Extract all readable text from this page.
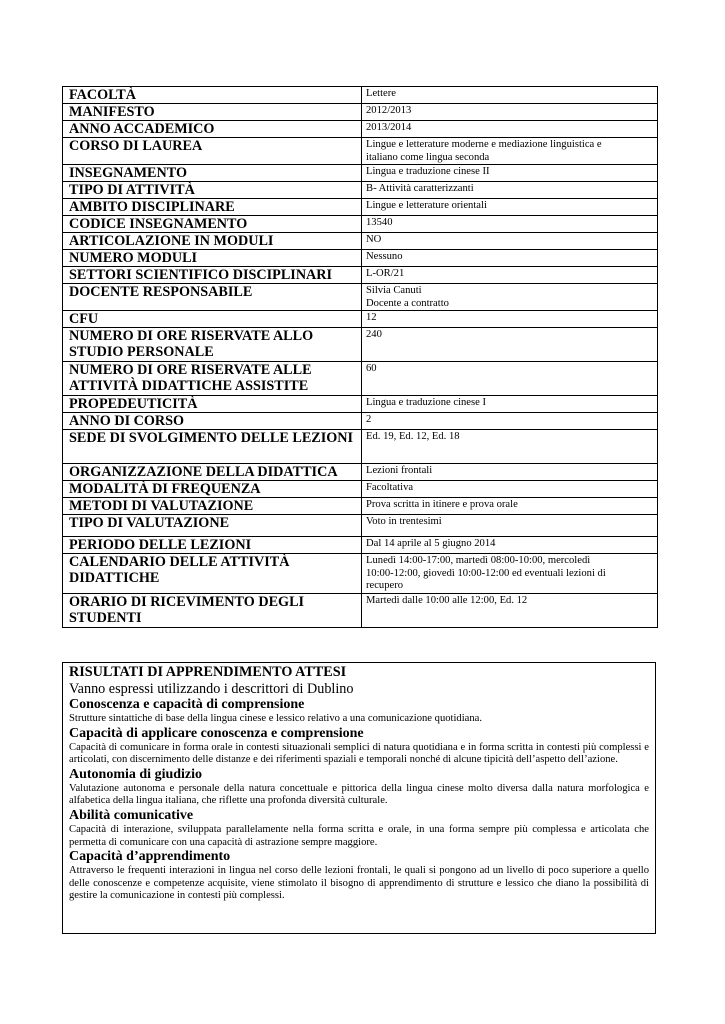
FACOLTÀ	Lettere

MANIFESTO	2012/2013

ANNO ACCADEMICO	2013/2014

CORSO DI LAUREA	Lingue e letterature moderne e mediazione linguistica e
italiano come lingua seconda

INSEGNAMENTO	Lingua e traduzione cinese II

TIPO DI ATTIVITÀ	B- Attività caratterizzanti

AMBITO DISCIPLINARE	Lingue e letterature orientali

CODICE INSEGNAMENTO	13540

ARTICOLAZIONE IN MODULI	NO

NUMERO MODULI	Nessuno

SETTORI SCIENTIFICO DISCIPLINARI	L-OR/21

DOCENTE RESPONSABILE	Silvia Canuti
Docente a contratto

CFU	12

NUMERO DI ORE RISERVATE ALLO STUDIO PERSONALE	240

NUMERO DI ORE RISERVATE ALLE ATTIVITÀ DIDATTICHE ASSISTITE	60

PROPEDEUTICITÀ	Lingua e traduzione cinese I

ANNO DI CORSO	2

SEDE DI SVOLGIMENTO DELLE LEZIONI	Ed. 19, Ed. 12, Ed. 18

ORGANIZZAZIONE DELLA DIDATTICA	Lezioni frontali

MODALITÀ DI FREQUENZA	Facoltativa

METODI DI VALUTAZIONE	Prova scritta in itinere e prova orale

TIPO DI VALUTAZIONE	Voto in trentesimi

PERIODO DELLE LEZIONI	Dal 14 aprile al 5 giugno 2014

CALENDARIO DELLE ATTIVITÀ DIDATTICHE	Lunedì 14:00-17:00, martedì 08:00-10:00, mercoledì
10:00-12:00, giovedì 10:00-12:00 ed eventuali lezioni di
recupero

ORARIO DI RICEVIMENTO DEGLI STUDENTI	Martedì dalle 10:00 alle 12:00, Ed. 12
RISULTATI DI APPRENDIMENTO ATTESI
Vanno espressi utilizzando i descrittori di Dublino
Conoscenza e capacità di comprensione
Strutture sintattiche di base della lingua cinese e lessico relativo a una comunicazione quotidiana.
Capacità di applicare conoscenza e comprensione
Capacità di comunicare in forma orale in contesti situazionali semplici di natura quotidiana e in forma scritta in contesti più complessi e articolati, con discernimento delle distanze e dei riferimenti spaziali e temporali nonché di alcune tipicità dell’aspetto dell’azione.
Autonomia di giudizio
Valutazione autonoma e personale della natura concettuale e pittorica della lingua cinese molto diversa dalla natura morfologica e alfabetica della lingua italiana, che riflette una profonda diversità culturale.
Abilità comunicative
Capacità di interazione, sviluppata parallelamente nella forma scritta e orale, in una forma sempre più complessa e articolata che permetta di comunicare con una capacità di astrazione sempre maggiore.
Capacità d’apprendimento
Attraverso le frequenti interazioni in lingua nel corso delle lezioni frontali, le quali si pongono ad un livello di poco superiore a quello delle conoscenze e competenze acquisite, viene stimolato il bisogno di apprendimento di strutture e lessico che diano la possibilità di gestire la comunicazione in contesti più complessi.
